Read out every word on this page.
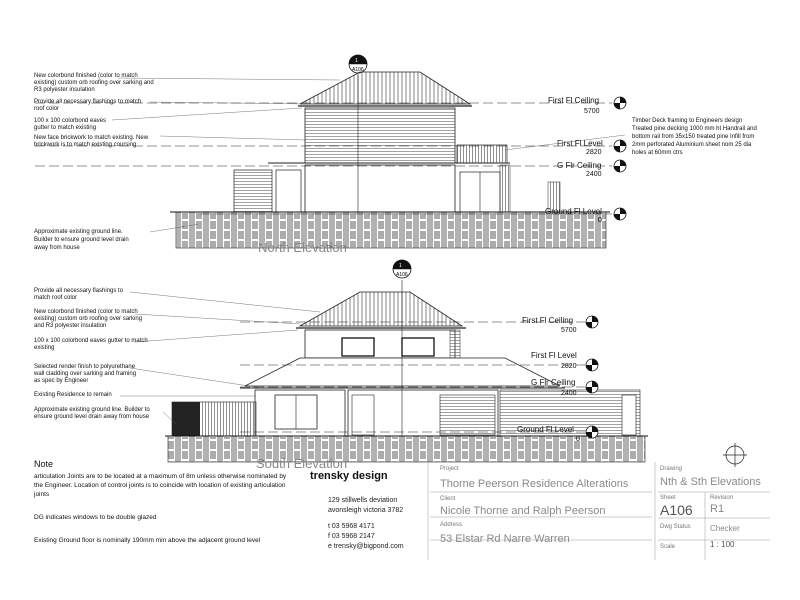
1
A106
North Elevation
First Fl Ceiling
5700
First Fl Level
2820
G Flr Ceiling
2400
Ground Fl Level
0
New colorbond finished (color to match
existing) custom orb roofing over sarking and
R3 polyester insulation
Provide all necessary flashings to match
roof color
100 x 100 colorbond eaves
gutter to match existing
New face brickwork to match existing. New
brickwork is to match existing coursing
Approximate existing ground line.
Builder to ensure ground level drain
away from house
Timber Deck framing to Engineers design
Treated pine decking 1000 mm ht Handrail and
bottom rail from 35x150 treated pine Infill from
2mm perforated Aluminium sheet nom 25 dia
holes at 60mm ctrs
1
A106
South Elevation
First Fl Ceiling
5700
First Fl Level
2820
G Flr Ceiling
2400
Ground Fl Level
0
Provide all necessary flashings to
match roof color
New colorbond finished (color to match
existing) custom orb roofing over sarking
and R3 polyester insulation
100 x 100 colorbond eaves gutter to match
existing
Selected render finish to polyurethane
wall cladding over sarking and framing
as spec by Engineer
Existing Residence to remain
Approximate existing ground line. Builder to
ensure ground level drain away from house
Note
articulation Joints are to be located at a maximum of 8m unless otherwise nominated by the Engineer. Location of control joints is to coincide with location of existing articulation joints
DG indicates windows to be double glazed
Existing Ground floor is nominally 190mm min above the adjacent ground level
trensky design
129 stillwells deviation
avonsleigh victoria 3782
t 03 5968 4171
f 03 5968 2147
e trensky@bigpond.com
Project
Thorne Peerson Residence Alterations
Client
Nicole Thorne and Ralph Peerson
Address
53 Elstar Rd Narre Warren
Drawing
Nth & Sth Elevations
Sheet
A106
Revision
R1
Dwg Status Checker
Scale	1 : 100
